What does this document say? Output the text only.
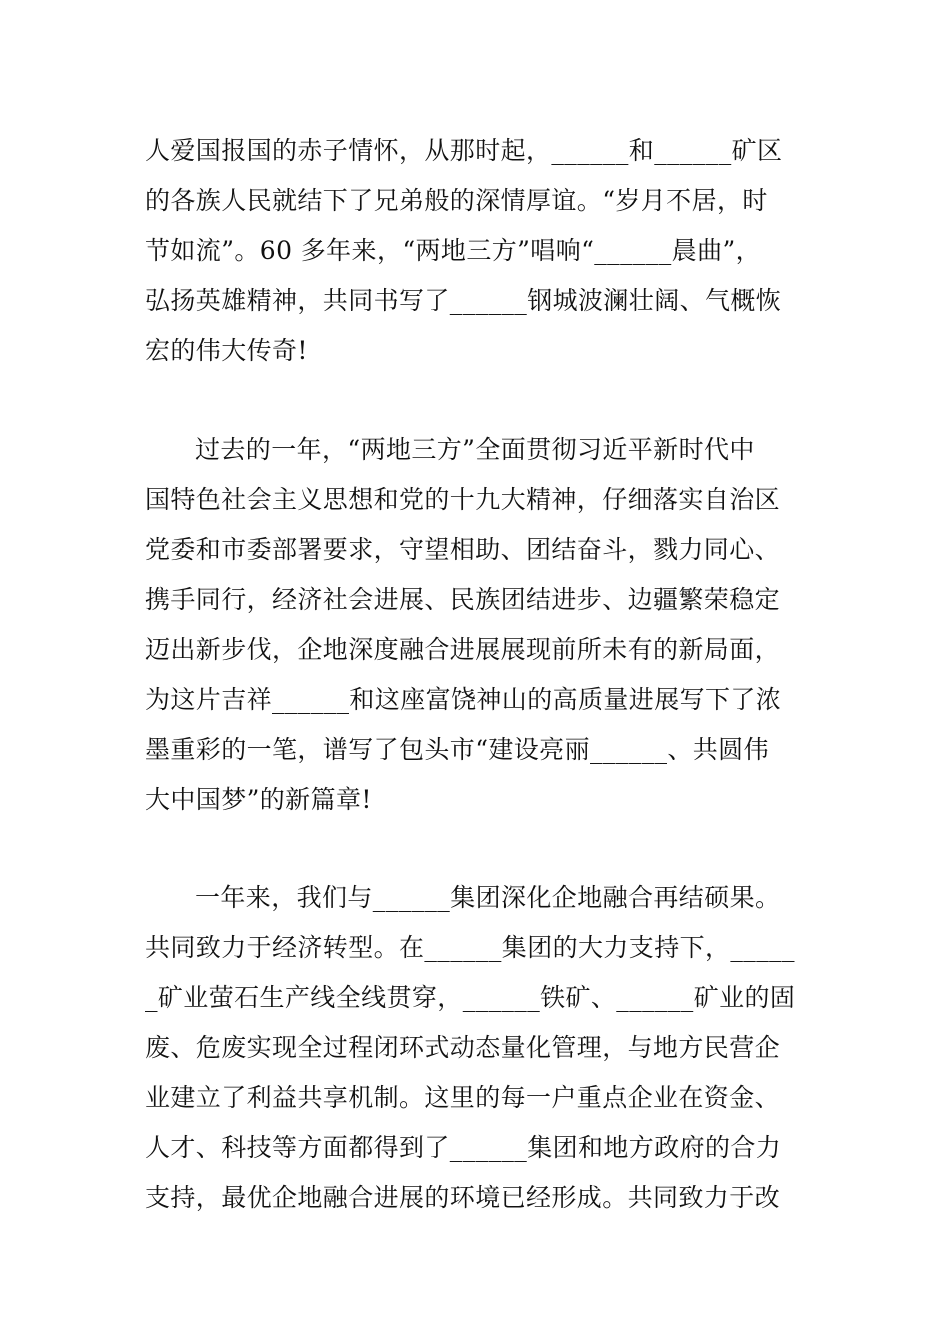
人爱国报国的赤子情怀，从那时起，______和______矿区
的各族人民就结下了兄弟般的深情厚谊。“岁月不居，时
节如流”。60 多年来，“两地三方”唱响“______晨曲”，
弘扬英雄精神，共同书写了______钢城波澜壮阔、气概恢
宏的伟大传奇!
过去的一年，“两地三方”全面贯彻习近平新时代中
国特色社会主义思想和党的十九大精神，仔细落实自治区
党委和市委部署要求，守望相助、团结奋斗，戮力同心、
携手同行，经济社会进展、民族团结进步、边疆繁荣稳定
迈出新步伐，企地深度融合进展展现前所未有的新局面，
为这片吉祥______和这座富饶神山的高质量进展写下了浓
墨重彩的一笔，谱写了包头市“建设亮丽______、共圆伟
大中国梦”的新篇章!
一年来，我们与______集团深化企地融合再结硕果。
共同致力于经济转型。在______集团的大力支持下，_____
_矿业萤石生产线全线贯穿，______铁矿、______矿业的固
废、危废实现全过程闭环式动态量化管理，与地方民营企
业建立了利益共享机制。这里的每一户重点企业在资金、
人才、科技等方面都得到了______集团和地方政府的合力
支持，最优企地融合进展的环境已经形成。共同致力于改
